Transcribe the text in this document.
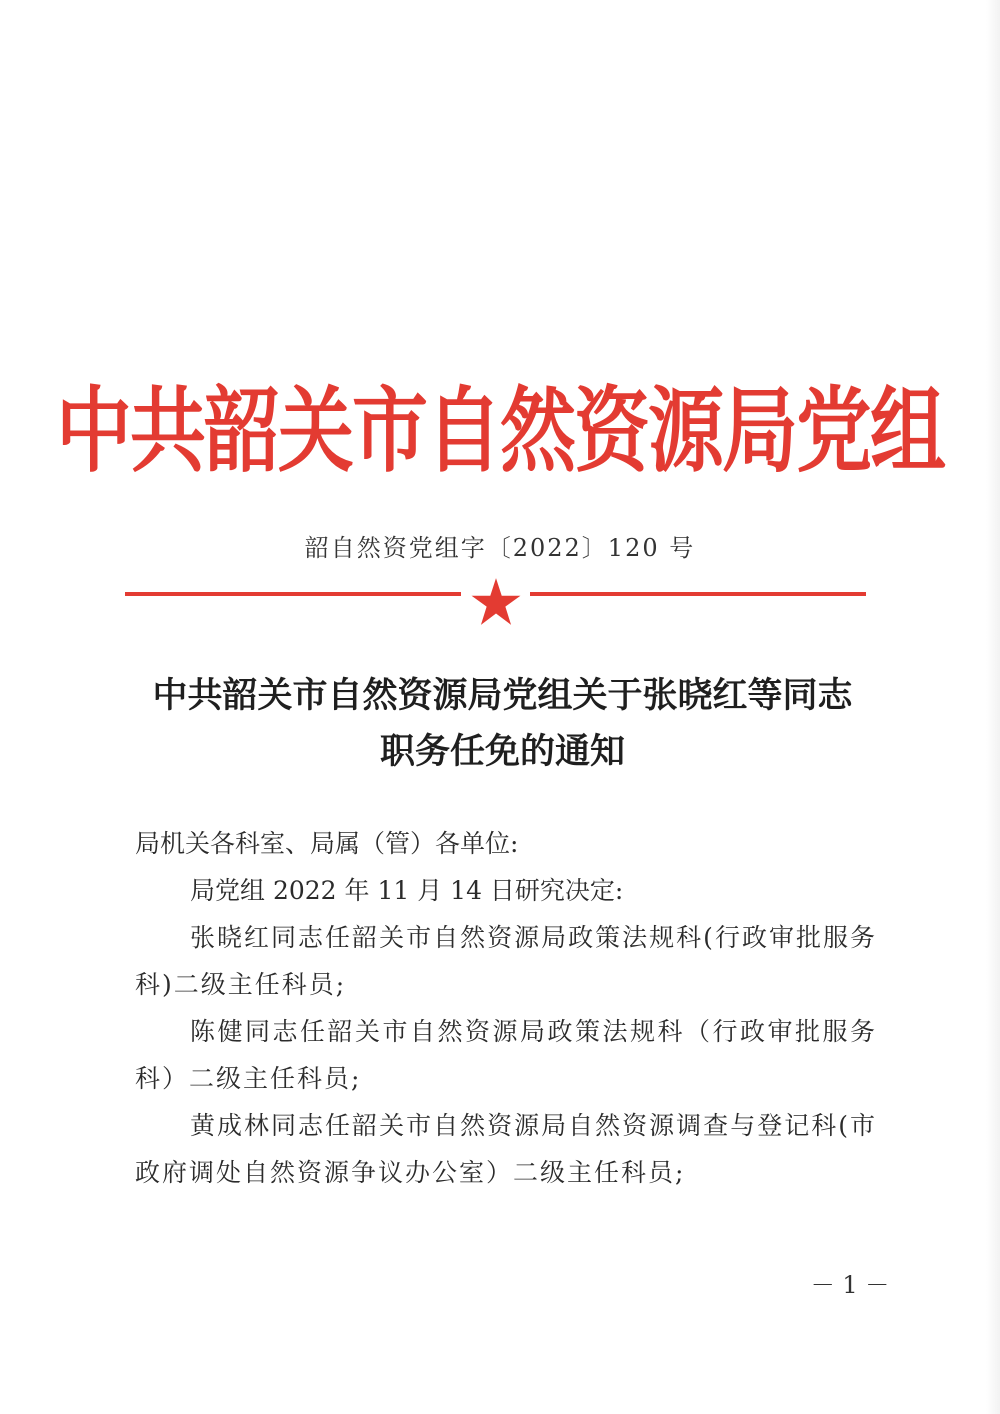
中共韶关市自然资源局党组
韶自然资党组字〔2022〕120 号
中共韶关市自然资源局党组关于张晓红等同志
职务任免的通知
局机关各科室、局属（管）各单位:
局党组 2022 年 11 月 14 日研究决定:
张晓红同志任韶关市自然资源局政策法规科(行政审批服务科)二级主任科员;
陈健同志任韶关市自然资源局政策法规科（行政审批服务科）二级主任科员;
黄成林同志任韶关市自然资源局自然资源调查与登记科(市政府调处自然资源争议办公室）二级主任科员;
－ 1 －
